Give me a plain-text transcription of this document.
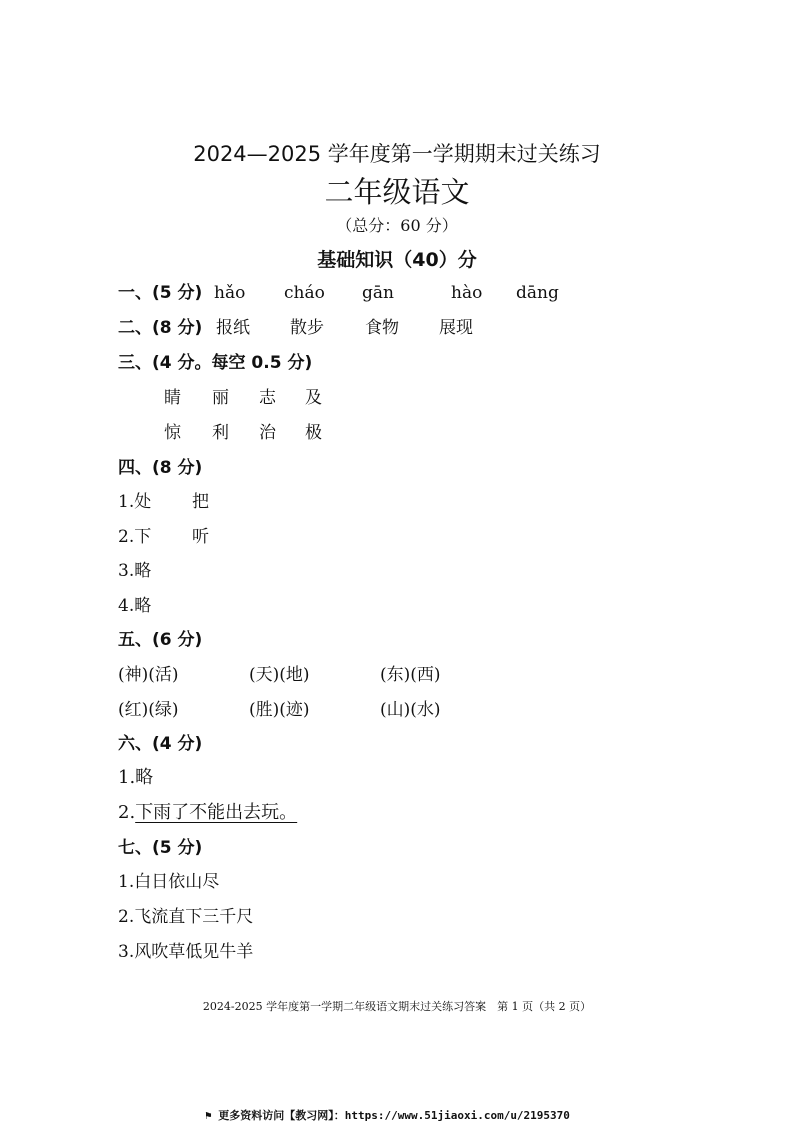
2024—2025 学年度第一学期期末过关练习
二年级语文
（总分：60 分）
基础知识（40）分
一、(5 分) hǎo cháo gān	hào dāng
二、(8 分) 报纸 散步 食物 展现
三、(4 分。每空 0.5 分)
睛 丽 志 及
惊 利 治 极
四、(8 分)
1.处 把
2.下 听
3.略
4.略
五、(6 分)
(神)(活)	(天)(地)	(东)(西)
(红)(绿)	(胜)(迹)	(山)(水)
六、(4 分)
1.略
2.下雨了不能出去玩。
七、(5 分)
1.白日依山尽
2.飞流直下三千尺
3.风吹草低见牛羊
2024-2025 学年度第一学期二年级语文期末过关练习答案　第 1 页（共 2 页）
⚑ 更多资料访问【教习网】：https://www.51jiaoxi.com/u/2195370
